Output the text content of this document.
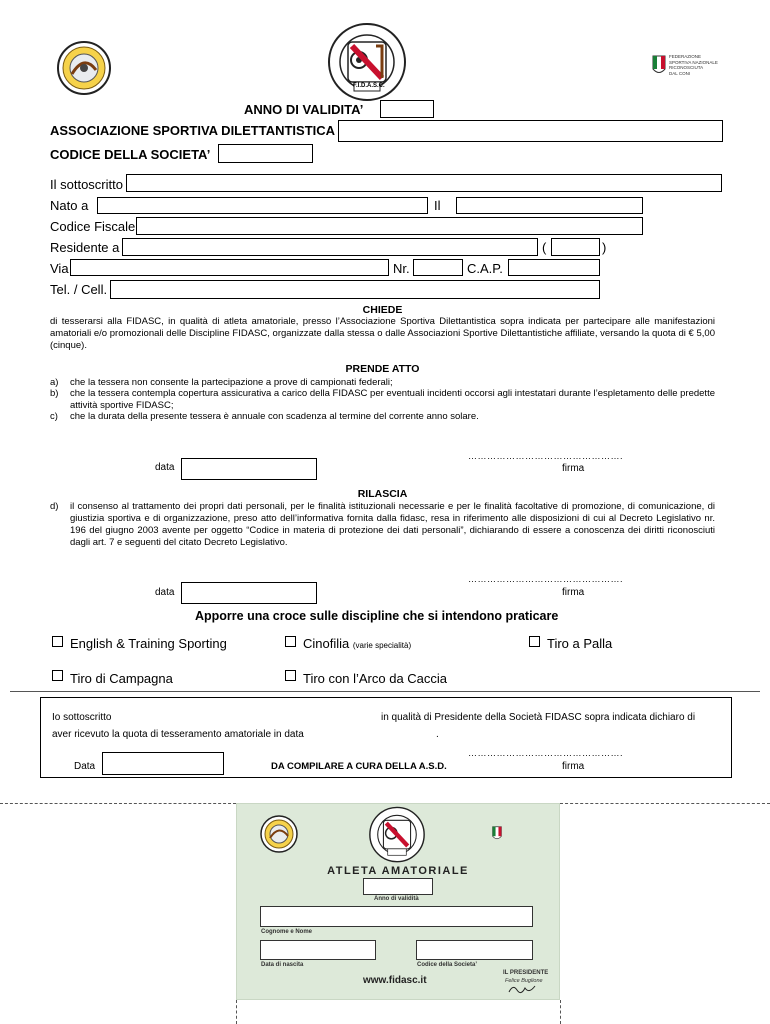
F.I.D.A.S.C.
FEDERAZIONE
SPORTIVA NAZIONALE
RICONOSCIUTA
DAL CONI
ANNO DI VALIDITA’
ASSOCIAZIONE SPORTIVA DILETTANTISTICA
CODICE DELLA SOCIETA’
Il sottoscritto
Nato a	Il
Codice Fiscale
Residente a	(	)
Via	Nr.	C.A.P.
Tel. / Cell.
CHIEDE
di tesserarsi alla FIDASC, in qualità di atleta amatoriale, presso l’Associazione Sportiva Dilettantistica sopra indicata per partecipare alle manifestazioni amatoriali e/o promozionali delle Discipline FIDASC, organizzate dalla stessa o dalle Associazioni Sportive Dilettantistiche affiliate, versando la quota di € 5,00 (cinque).
PRENDE ATTO
a) che la tessera non consente la partecipazione a prove di campionati federali;
b) che la tessera contempla copertura assicurativa a carico della FIDASC per eventuali incidenti occorsi agli intestatari durante l’espletamento delle predette attività sportive FIDASC;
c) che la durata della presente tessera è annuale con scadenza al termine del corrente anno solare.
………………………………………….
data	firma
RILASCIA
d) il consenso al trattamento dei propri dati personali, per le finalità istituzionali necessarie e per le finalità facoltative di promozione, di comunicazione, di giustizia sportiva e di organizzazione, preso atto dell’informativa fornita dalla fidasc, resa in riferimento alle disposizioni di cui al Decreto Legislativo nr. 196 del giugno 2003 avente per oggetto “Codice in materia di protezione dei dati personali”, dichiarando di essere a conoscenza dei diritti riconosciuti dagli art. 7 e seguenti del citato Decreto Legislativo.
………………………………………….
data	firma
Apporre una croce sulle discipline che si intendono praticare
English & Training Sporting	Cinofilia (varie specialità)	Tiro a Palla
Tiro di Campagna	Tiro con l’Arco da Caccia
Io sottoscritto	in qualità di Presidente della Società FIDASC sopra indicata dichiaro di
aver ricevuto la quota di tesseramento amatoriale in data	.
………………………………………….
Data	DA COMPILARE A CURA DELLA A.S.D.	firma
ATLETA AMATORIALE
Anno di validità
Cognome e Nome
Data di nascita	Codice della Societa’
www.fidasc.it
IL PRESIDENTE
Felice Buglione
